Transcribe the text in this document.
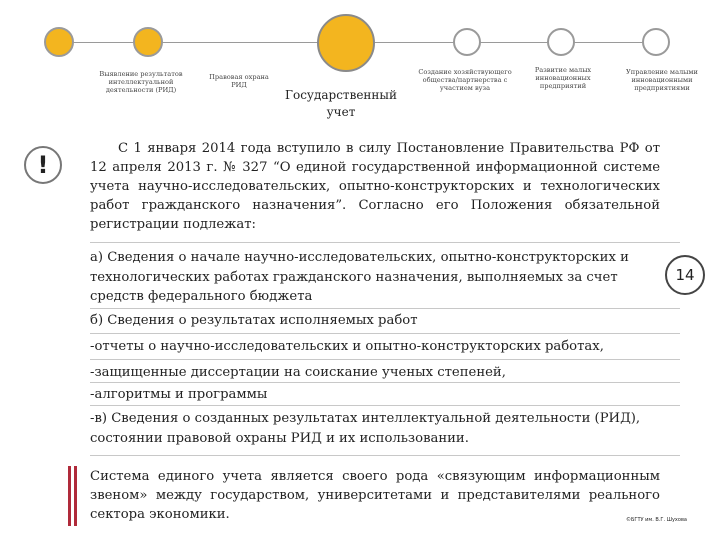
Выявление результатов интеллектуальной деятельности (РИД)
Правовая охрана РИД
Государственный учет
Создание хозяйствующего общества/партнерства с участием вуза
Развитие малых инновационных предприятий
Управление малыми инновационными предприятиями
!
С 1 января 2014 года вступило в силу Постановление Правительства РФ от 12 апреля 2013 г. № 327 “О единой государственной информационной системе учета научно-исследовательских, опытно-конструкторских и технологических работ гражданского назначения”. Согласно его Положения обязательной регистрации подлежат:
а) Сведения о начале научно-исследовательских, опытно-конструкторских и технологических работах гражданского назначения, выполняемых за счет средств федерального бюджета
14
б) Сведения о результатах исполняемых работ
-отчеты о научно-исследовательских и опытно-конструкторских работах,
-защищенные диссертации на соискание ученых степеней,
-алгоритмы и программы
-в) Сведения о созданных результатах интеллектуальной деятельности (РИД), состоянии правовой охраны РИД и их использовании.
Система единого учета является своего рода «связующим информационным звеном» между государством, университетами и представителями реального сектора экономики.	©БГТУ им. В.Г. Шухова
